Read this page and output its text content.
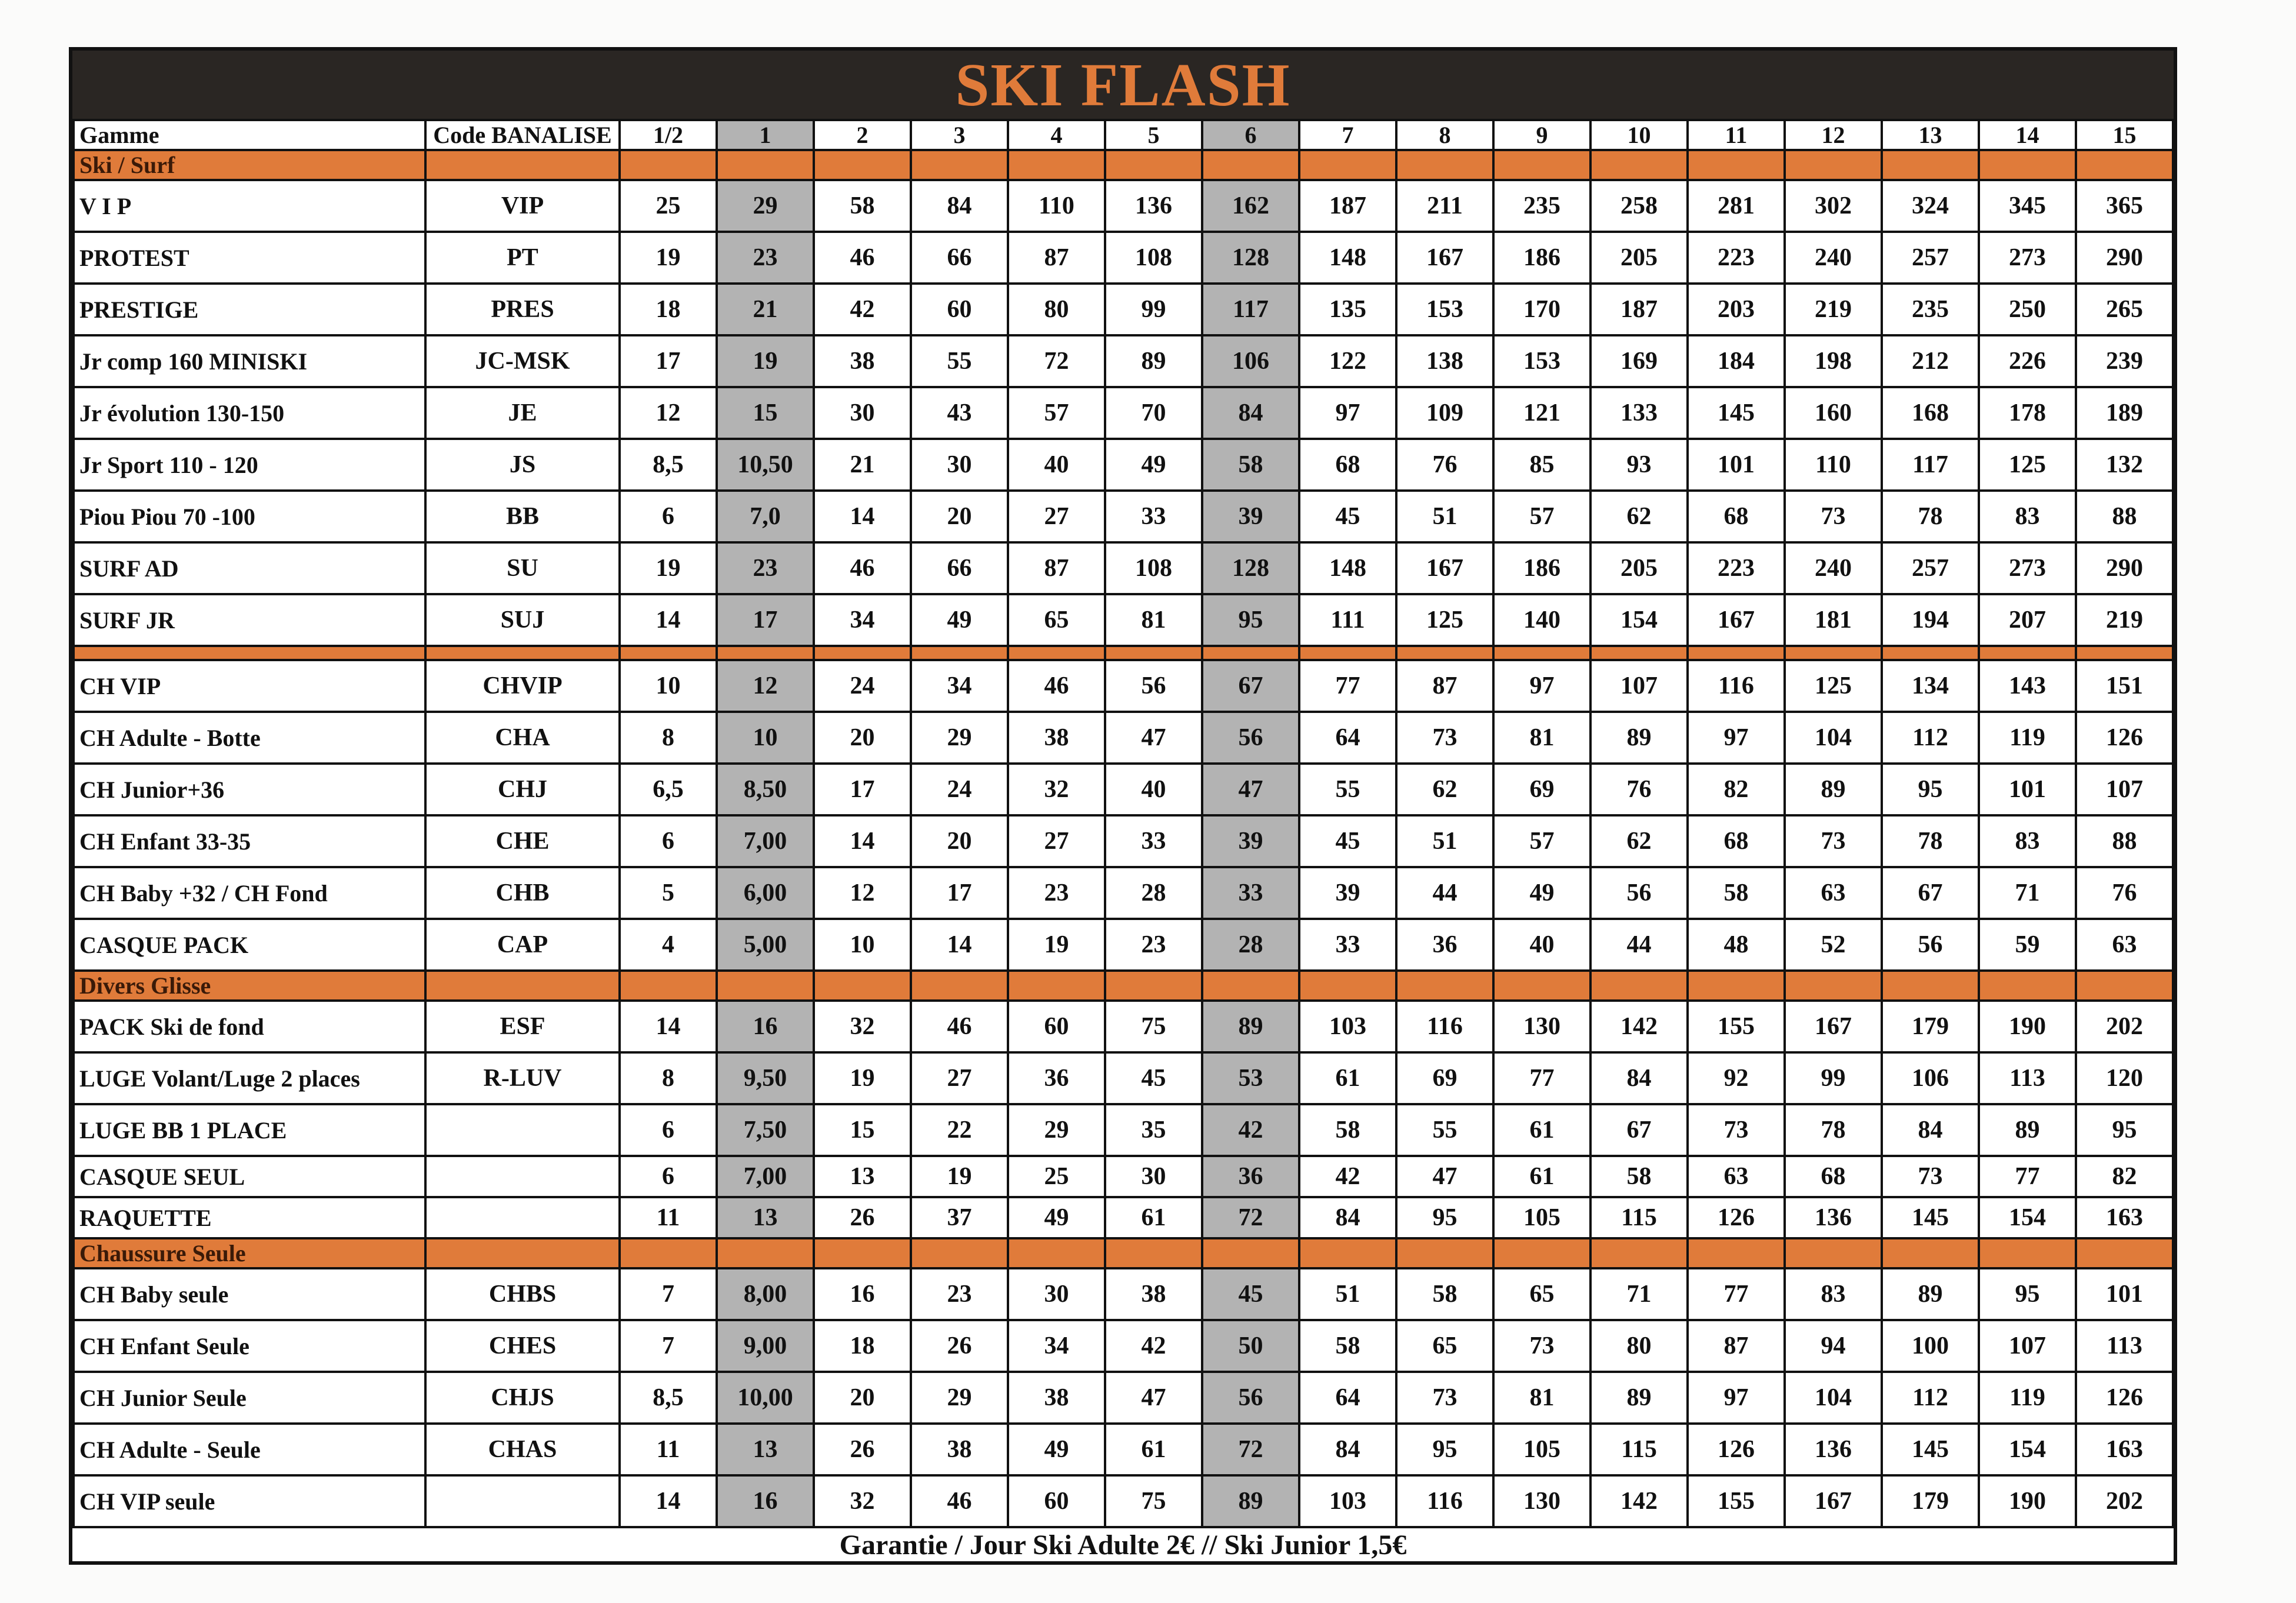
SKI FLASH
Gamme	Code BANALISE	1/2	1	2	3	4	5	6	7	8	9	10	11	12	13	14	15
Ski / Surf																	
V I P	VIP	25	29	58	84	110	136	162	187	211	235	258	281	302	324	345	365
PROTEST	PT	19	23	46	66	87	108	128	148	167	186	205	223	240	257	273	290
PRESTIGE	PRES	18	21	42	60	80	99	117	135	153	170	187	203	219	235	250	265
Jr comp 160 MINISKI	JC-MSK	17	19	38	55	72	89	106	122	138	153	169	184	198	212	226	239
Jr évolution 130-150	JE	12	15	30	43	57	70	84	97	109	121	133	145	160	168	178	189
Jr Sport 110 - 120	JS	8,5	10,50	21	30	40	49	58	68	76	85	93	101	110	117	125	132
Piou Piou 70 -100	BB	6	7,0	14	20	27	33	39	45	51	57	62	68	73	78	83	88
SURF AD	SU	19	23	46	66	87	108	128	148	167	186	205	223	240	257	273	290
SURF JR	SUJ	14	17	34	49	65	81	95	111	125	140	154	167	181	194	207	219

CH VIP	CHVIP	10	12	24	34	46	56	67	77	87	97	107	116	125	134	143	151
CH Adulte - Botte	CHA	8	10	20	29	38	47	56	64	73	81	89	97	104	112	119	126
CH Junior+36	CHJ	6,5	8,50	17	24	32	40	47	55	62	69	76	82	89	95	101	107
CH Enfant 33-35	CHE	6	7,00	14	20	27	33	39	45	51	57	62	68	73	78	83	88
CH Baby +32 / CH Fond	CHB	5	6,00	12	17	23	28	33	39	44	49	56	58	63	67	71	76
CASQUE PACK	CAP	4	5,00	10	14	19	23	28	33	36	40	44	48	52	56	59	63
Divers Glisse																	
PACK Ski de fond	ESF	14	16	32	46	60	75	89	103	116	130	142	155	167	179	190	202
LUGE Volant/Luge 2 places	R-LUV	8	9,50	19	27	36	45	53	61	69	77	84	92	99	106	113	120
LUGE BB 1 PLACE		6	7,50	15	22	29	35	42	58	55	61	67	73	78	84	89	95
CASQUE SEUL		6	7,00	13	19	25	30	36	42	47	61	58	63	68	73	77	82
RAQUETTE		11	13	26	37	49	61	72	84	95	105	115	126	136	145	154	163
Chaussure Seule																	
CH Baby seule	CHBS	7	8,00	16	23	30	38	45	51	58	65	71	77	83	89	95	101
CH Enfant Seule	CHES	7	9,00	18	26	34	42	50	58	65	73	80	87	94	100	107	113
CH Junior Seule	CHJS	8,5	10,00	20	29	38	47	56	64	73	81	89	97	104	112	119	126
CH Adulte - Seule	CHAS	11	13	26	38	49	61	72	84	95	105	115	126	136	145	154	163
CH VIP seule		14	16	32	46	60	75	89	103	116	130	142	155	167	179	190	202
Garantie / Jour Ski Adulte 2€ // Ski Junior 1,5€
